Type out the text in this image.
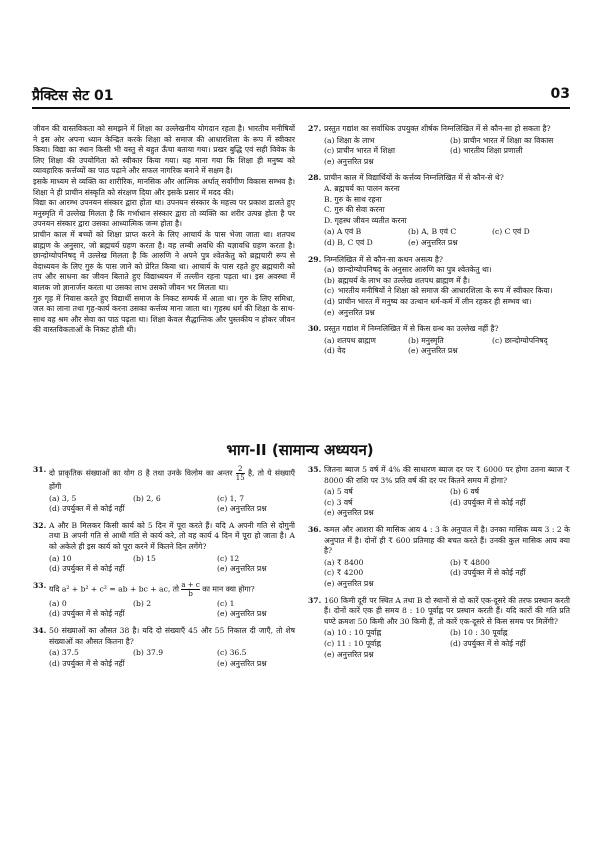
प्रैक्टिस सेट 01	03

जीवन की वास्तविकता को समझने में शिक्षा का उल्लेखनीय योगदान रहता है। भारतीय मनीषियों ने इस ओर अपना ध्यान केन्द्रित करके शिक्षा को समाज की आधारशिला के रूप में स्वीकार किया। विद्या का स्थान किसी भी वस्तु से बहुत ऊँचा बताया गया। प्रखर बुद्धि एवं सही विवेक के लिए शिक्षा की उपयोगिता को स्वीकार किया गया। यह माना गया कि शिक्षा ही मनुष्य को व्यावहारिक कर्त्तव्यों का पाठ पढ़ाने और सफल नागरिक बनाने में सक्षम है।

इसके माध्यम से व्यक्ति का शारीरिक, मानसिक और आत्मिक अर्थात् सर्वांगीण विकास सम्भव है। शिक्षा ने ही प्राचीन संस्कृति को संरक्षण दिया और इसके प्रसार में मदद की।

विद्या का आरम्भ उपनयन संस्कार द्वारा होता था। उपनयन संस्कार के महत्त्व पर प्रकाश डालते हुए मनुस्मृति में उल्लेख मिलता है कि गर्भाधान संस्कार द्वारा तो व्यक्ति का शरीर उत्पन्न होता है पर उपनयन संस्कार द्वारा उसका आध्यात्मिक जन्म होता है।

प्राचीन काल में बच्चों को शिक्षा प्राप्त करने के लिए आचार्य के पास भेजा जाता था। शतपथ ब्राह्मण के अनुसार, जो ब्रह्मचर्य ग्रहण करता है। वह लम्बी अवधि की यज्ञावधि ग्रहण करता है। छान्दोग्योपनिषद् में उल्लेख मिलता है कि आरुणि ने अपने पुत्र श्वेतकेतु को ब्रह्मचारी रूप से वेदाध्ययन के लिए गुरु के पास जाने को प्रेरित किया था। आचार्य के पास रहते हुए ब्रह्मचारी को तप और साधना का जीवन बिताते हुए विद्याध्ययन में तल्लीन रहना पड़ता था। इस अवस्था में बालक जो ज्ञानार्जन करता था उसका लाभ उसको जीवन भर मिलता था।

गुरु गृह में निवास करते हुए विद्यार्थी समाज के निकट सम्पर्क में आता था। गुरु के लिए समिधा, जल का लाना तथा गृह-कार्य करना उसका कर्त्तव्य माना जाता था। गृहस्थ धर्म की शिक्षा के साथ-साथ वह श्रम और सेवा का पाठ पढ़ता था। शिक्षा केवल सैद्धान्तिक और पुस्तकीय न होकर जीवन की वास्तविकताओं के निकट होती थी।

27. प्रस्तुत गद्यांश का सर्वाधिक उपयुक्त शीर्षक निम्नलिखित में से कौन-सा हो सकता है?
(a) शिक्षा के लाभ	(b) प्राचीन भारत में शिक्षा का विकास
(c) प्राचीन भारत में शिक्षा	(d) भारतीय शिक्षा प्रणाली
(e) अनुत्तरित प्रश्न
28. प्राचीन काल में विद्यार्थियों के कर्त्तव्य निम्नलिखित में से कौन-से थे?
A. ब्रह्मचर्य का पालन करना
B. गुरु के साथ रहना
C. गुरु की सेवा करना
D. गृहस्थ जीवन व्यतीत करना
(a) A एवं B	(b) A, B एवं C	(c) C एवं D
(d) B, C एवं D	(e) अनुत्तरित प्रश्न
29. निम्नलिखित में से कौन-सा कथन असत्य है?
(a) छान्दोग्योपनिषद् के अनुसार आरुणि का पुत्र श्वेतकेतु था।
(b) ब्रह्मचर्य के लाभ का उल्लेख शतपथ ब्राह्मण में है।
(c) भारतीय मनीषियों ने शिक्षा को समाज की आधारशिला के रूप में स्वीकार किया।
(d) प्राचीन भारत में मनुष्य का उत्थान धर्म-कर्म में लीन रहकर ही सम्भव था।
(e) अनुत्तरित प्रश्न
30. प्रस्तुत गद्यांश में निम्नलिखित में से किस ग्रन्थ का उल्लेख नहीं है?
(a) शतपथ ब्राह्मण	(b) मनुस्मृति	(c) छान्दोग्योपनिषद्
(d) वेद	(e) अनुत्तरित प्रश्न
भाग-II (सामान्य अध्ययन)
31. दो प्राकृतिक संख्याओं का योग 8 है तथा उनके विलोम का अन्तर $\frac{2}{15}$ है, तो ये संख्याएँ होंगी
(a) 3, 5	(b) 2, 6	(c) 1, 7
(d) उपर्युक्त में से कोई नहीं	(e) अनुत्तरित प्रश्न
32. A और B मिलकर किसी कार्य को 5 दिन में पूरा करते हैं। यदि A अपनी गति से दोगुनी तथा B अपनी गति से आधी गति से कार्य करे, तो वह कार्य 4 दिन में पूरा हो जाता है। A को अकेले ही इस कार्य को पूरा करने में कितने दिन लगेंगे?
(a) 10	(b) 15	(c) 12
(d) उपर्युक्त में से कोई नहीं	(e) अनुत्तरित प्रश्न
33. यदि a² + b² + c² = ab + bc + ac, तो $\frac{a + c}{b}$ का मान क्या होगा?
(a) 0	(b) 2	(c) 1
(d) उपर्युक्त में से कोई नहीं	(e) अनुत्तरित प्रश्न
34. 50 संख्याओं का औसत 38 है। यदि दो संख्याएँ 45 और 55 निकाल दी जाएँ, तो शेष संख्याओं का औसत कितना है?
(a) 37.5	(b) 37.9	(c) 36.5
(d) उपर्युक्त में से कोई नहीं	(e) अनुत्तरित प्रश्न
35. जितना ब्याज 5 वर्ष में 4% की साधारण ब्याज दर पर ₹ 6000 पर होगा उतना ब्याज ₹ 8000 की राशि पर 3% प्रति वर्ष की दर पर कितने समय में होगा?
(a) 5 वर्ष	(b) 6 वर्ष
(c) 3 वर्ष	(d) उपर्युक्त में से कोई नहीं
(e) अनुत्तरित प्रश्न
36. कमल और आशरा की मासिक आय 4 : 3 के अनुपात में है। उनका मासिक व्यय 3 : 2 के अनुपात में है। दोनों ही ₹ 600 प्रतिमाह की बचत करते हैं। उनकी कुल मासिक आय क्या है?
(a) ₹ 8400	(b) ₹ 4800
(c) ₹ 4200	(d) उपर्युक्त में से कोई नहीं
(e) अनुत्तरित प्रश्न
37. 160 किमी दूरी पर स्थित A तथा B दो स्थानों से दो कारें एक-दूसरे की तरफ प्रस्थान करती हैं। दोनों कारें एक ही समय 8 : 10 पूर्वाह्न पर प्रस्थान करती हैं। यदि कारों की गति प्रति घण्टे क्रमशः 50 किमी और 30 किमी हैं, तो कारें एक-दूसरे से किस समय पर मिलेंगी?
(a) 10 : 10 पूर्वाह्न	(b) 10 : 30 पूर्वाह्न
(c) 11 : 10 पूर्वाह्न	(d) उपर्युक्त में से कोई नहीं
(e) अनुत्तरित प्रश्न
